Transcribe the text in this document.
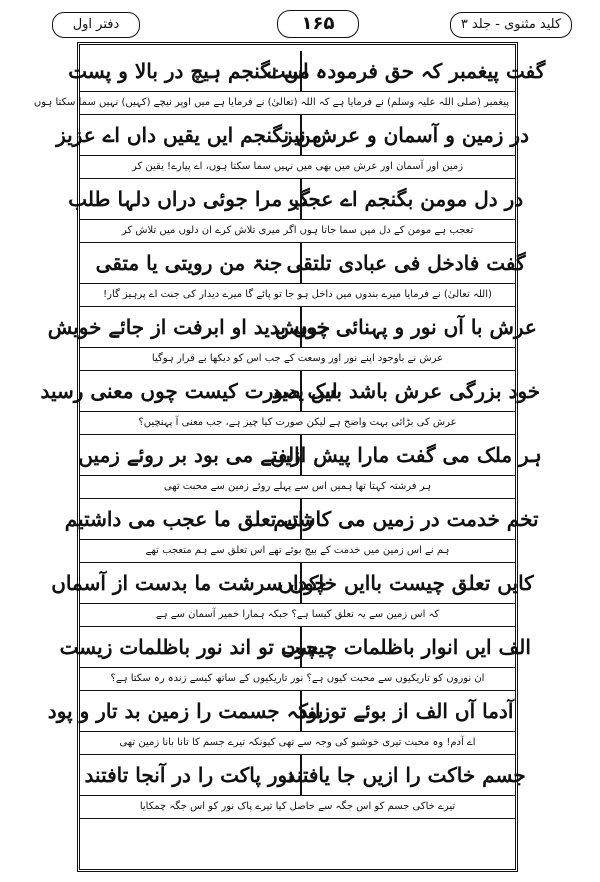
دفتر اول	۱۶۵	کلید مثنوی - جلد ۳
گفت پیغمبر کہ حق فرمودہ است
من نگنجم ہیچ در بالا و پست
پیغمبر (صلی اللہ علیہ وسلم) نے فرمایا ہے کہ اللہ (تعالیٰ) نے فرمایا ہے میں اوپر نیچے (کہیں) نہیں سما سکتا ہوں
در زمین و آسمان و عرش نیز
من نگنجم ایں یقیں داں اے عزیز
زمین اور آسمان اور عرش میں بھی میں نہیں سما سکتا ہوں، اے پیارے! یقین کر
در دل مومن بگنجم اے عجب
گر مرا جوئی دراں دلہا طلب
تعجب ہے مومن کے دل میں سما جاتا ہوں اگر میری تلاش کرے ان دلوں میں تلاش کر
گفت فادخل فی عبادی تلتقی
جنۃ من رویتی یا متقی
(اللہ تعالیٰ) نے فرمایا میرے بندوں میں داخل ہو جا تو پائے گا میرے دیدار کی جنت اے پرہیز گار!
عرش با آں نور و پہنائی خویش
چوں بدید او ابرفت از جائے خویش
عرش نے باوجود اپنے نور اور وسعت کے جب اس کو دیکھا بے قرار ہوگیا
خود بزرگی عرش باشد بس پدید
لیک صورت کیست چوں معنی رسید
عرش کی بڑائی بہت واضح ہے لیکن صورت کیا چیز ہے، جب معنی آ پہنچیں؟
ہر ملک می گفت مارا پیش ازیں
الفتے می بود بر روئے زمیں
ہر فرشتہ کہتا تھا ہمیں اس سے پہلے روئے زمین سے محبت تھی
تخم خدمت در زمیں می کاشتیم
زاں تعلق ما عجب می داشتیم
ہم نے اس زمین میں خدمت کے بیج بوئے تھے اس تعلق سے ہم متعجب تھے
کایں تعلق چیست باایں خاکداں
چوں سرشت ما بدست از آسماں
کہ اس زمین سے یہ تعلق کیسا ہے؟ جبکہ ہمارا خمیر آسمان سے ہے
الف ایں انوار باظلمات چیست
چوں تو اند نور باظلمات زیست
ان نوروں کو تاریکیوں سے محبت کیوں ہے؟ نور تاریکیوں کے ساتھ کیسے زندہ رہ سکتا ہے؟
آدما آں الف از بوئے تو بود
زانکہ جسمت را زمین بد تار و پود
اے آدم! وہ محبت تیری خوشبو کی وجہ سے تھی کیونکہ تیرے جسم کا تانا بانا زمین تھی
جسم خاکت را ازیں جا یافتند
نور پاکت را در آنجا تافتند
تیرے خاکی جسم کو اس جگہ سے حاصل کیا تیرے پاک نور کو اس جگہ چمکایا
